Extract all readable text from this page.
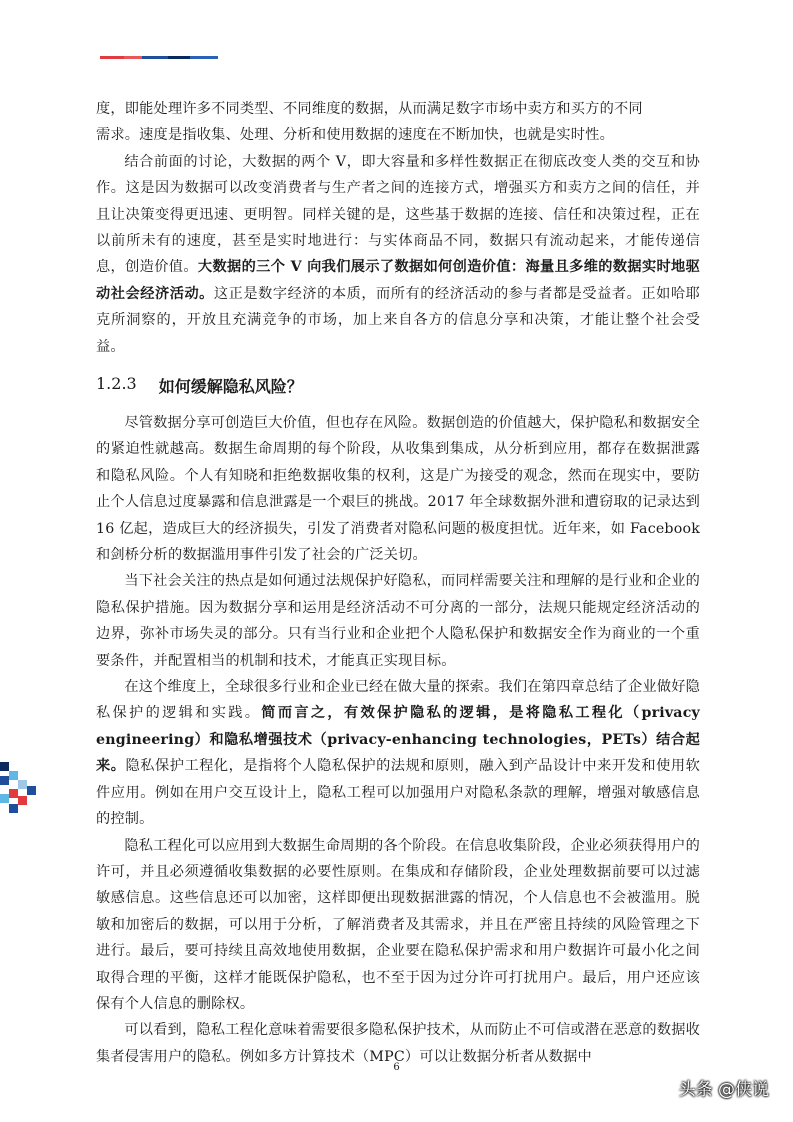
度，即能处理许多不同类型、不同维度的数据，从而满足数字市场中卖方和买方的不同

需求。速度是指收集、处理、分析和使用数据的速度在不断加快，也就是实时性。

结合前面的讨论，大数据的两个 V，即大容量和多样性数据正在彻底改变人类的交互和协作。这是因为数据可以改变消费者与生产者之间的连接方式，增强买方和卖方之间的信任，并且让决策变得更迅速、更明智。同样关键的是，这些基于数据的连接、信任和决策过程，正在以前所未有的速度，甚至是实时地进行：与实体商品不同，数据只有流动起来，才能传递信息，创造价值。大数据的三个 V 向我们展示了数据如何创造价值：海量且多维的数据实时地驱动社会经济活动。这正是数字经济的本质，而所有的经济活动的参与者都是受益者。正如哈耶克所洞察的，开放且充满竞争的市场，加上来自各方的信息分享和决策，才能让整个社会受益。

1.2.3 如何缓解隐私风险？

尽管数据分享可创造巨大价值，但也存在风险。数据创造的价值越大，保护隐私和数据安全的紧迫性就越高。数据生命周期的每个阶段，从收集到集成，从分析到应用，都存在数据泄露和隐私风险。个人有知晓和拒绝数据收集的权利，这是广为接受的观念，然而在现实中，要防止个人信息过度暴露和信息泄露是一个艰巨的挑战。2017 年全球数据外泄和遭窃取的记录达到 16 亿起，造成巨大的经济损失，引发了消费者对隐私问题的极度担忧。近年来，如 Facebook 和剑桥分析的数据滥用事件引发了社会的广泛关切。

当下社会关注的热点是如何通过法规保护好隐私，而同样需要关注和理解的是行业和企业的隐私保护措施。因为数据分享和运用是经济活动不可分离的一部分，法规只能规定经济活动的边界，弥补市场失灵的部分。只有当行业和企业把个人隐私保护和数据安全作为商业的一个重要条件，并配置相当的机制和技术，才能真正实现目标。

在这个维度上，全球很多行业和企业已经在做大量的探索。我们在第四章总结了企业做好隐私保护的逻辑和实践。简而言之，有效保护隐私的逻辑，是将隐私工程化（privacy engineering）和隐私增强技术（privacy-enhancing technologies，PETs）结合起来。隐私保护工程化，是指将个人隐私保护的法规和原则，融入到产品设计中来开发和使用软件应用。例如在用户交互设计上，隐私工程可以加强用户对隐私条款的理解，增强对敏感信息的控制。

隐私工程化可以应用到大数据生命周期的各个阶段。在信息收集阶段，企业必须获得用户的许可，并且必须遵循收集数据的必要性原则。在集成和存储阶段，企业处理数据前要可以过滤敏感信息。这些信息还可以加密，这样即便出现数据泄露的情况，个人信息也不会被滥用。脱敏和加密后的数据，可以用于分析，了解消费者及其需求，并且在严密且持续的风险管理之下进行。最后，要可持续且高效地使用数据，企业要在隐私保护需求和用户数据许可最小化之间取得合理的平衡，这样才能既保护隐私，也不至于因为过分许可打扰用户。最后，用户还应该保有个人信息的删除权。

可以看到，隐私工程化意味着需要很多隐私保护技术，从而防止不可信或潜在恶意的数据收集者侵害用户的隐私。例如多方计算技术（MPC）可以让数据分析者从数据中

6
头条 @侠说
